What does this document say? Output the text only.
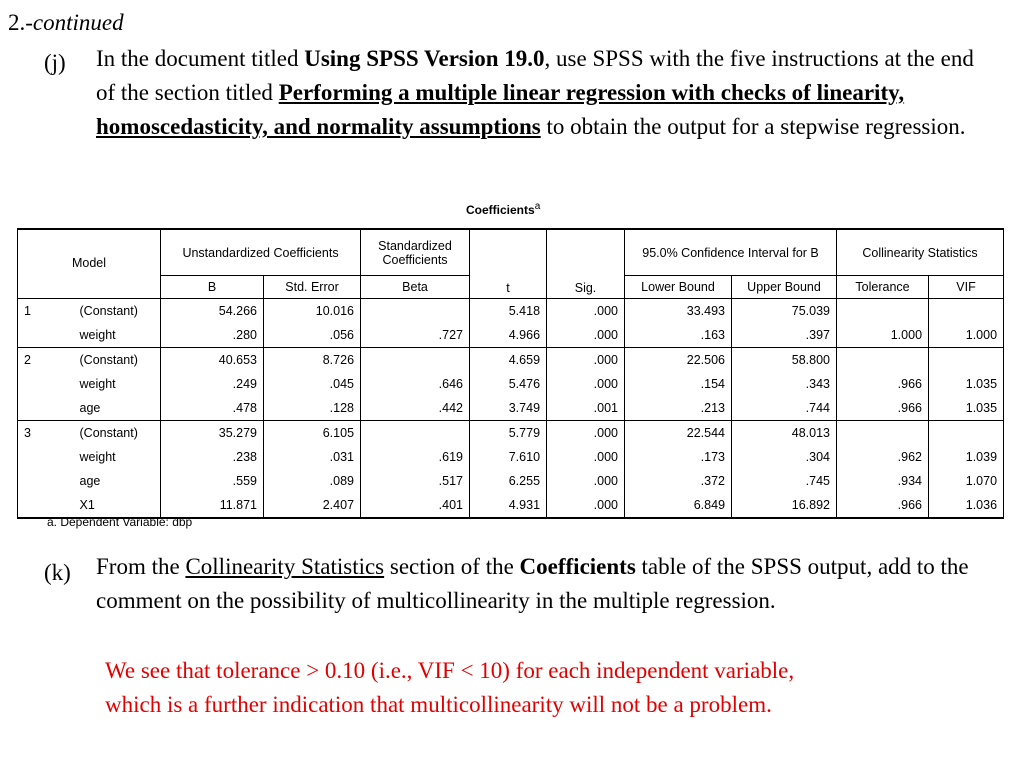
2.-continued
(j) In the document titled Using SPSS Version 19.0, use SPSS with the five instructions at the end of the section titled Performing a multiple linear regression with checks of linearity, homoscedasticity, and normality assumptions to obtain the output for a stepwise regression.
Coefficients$^a$
Model		Unstandardized Coefficients		Standardized Coefficients	t	Sig.	95.0% Confidence Interval for B		Collinearity Statistics	
		B	Std. Error	Beta			Lower Bound	Upper Bound	Tolerance	VIF
1	(Constant)	54.266	10.016		5.418	.000	33.493	75.039		
	weight	.280	.056	.727	4.966	.000	.163	.397	1.000	1.000
2	(Constant)	40.653	8.726		4.659	.000	22.506	58.800		
	weight	.249	.045	.646	5.476	.000	.154	.343	.966	1.035
	age	.478	.128	.442	3.749	.001	.213	.744	.966	1.035
3	(Constant)	35.279	6.105		5.779	.000	22.544	48.013		
	weight	.238	.031	.619	7.610	.000	.173	.304	.962	1.039
	age	.559	.089	.517	6.255	.000	.372	.745	.934	1.070
	X1	11.871	2.407	.401	4.931	.000	6.849	16.892	.966	1.036
a. Dependent Variable: dbp
(k) From the Collinearity Statistics section of the Coefficients table of the SPSS output, add to the comment on the possibility of multicollinearity in the multiple regression.
We see that tolerance > 0.10 (i.e., VIF < 10) for each independent variable,
which is a further indication that multicollinearity will not be a problem.
